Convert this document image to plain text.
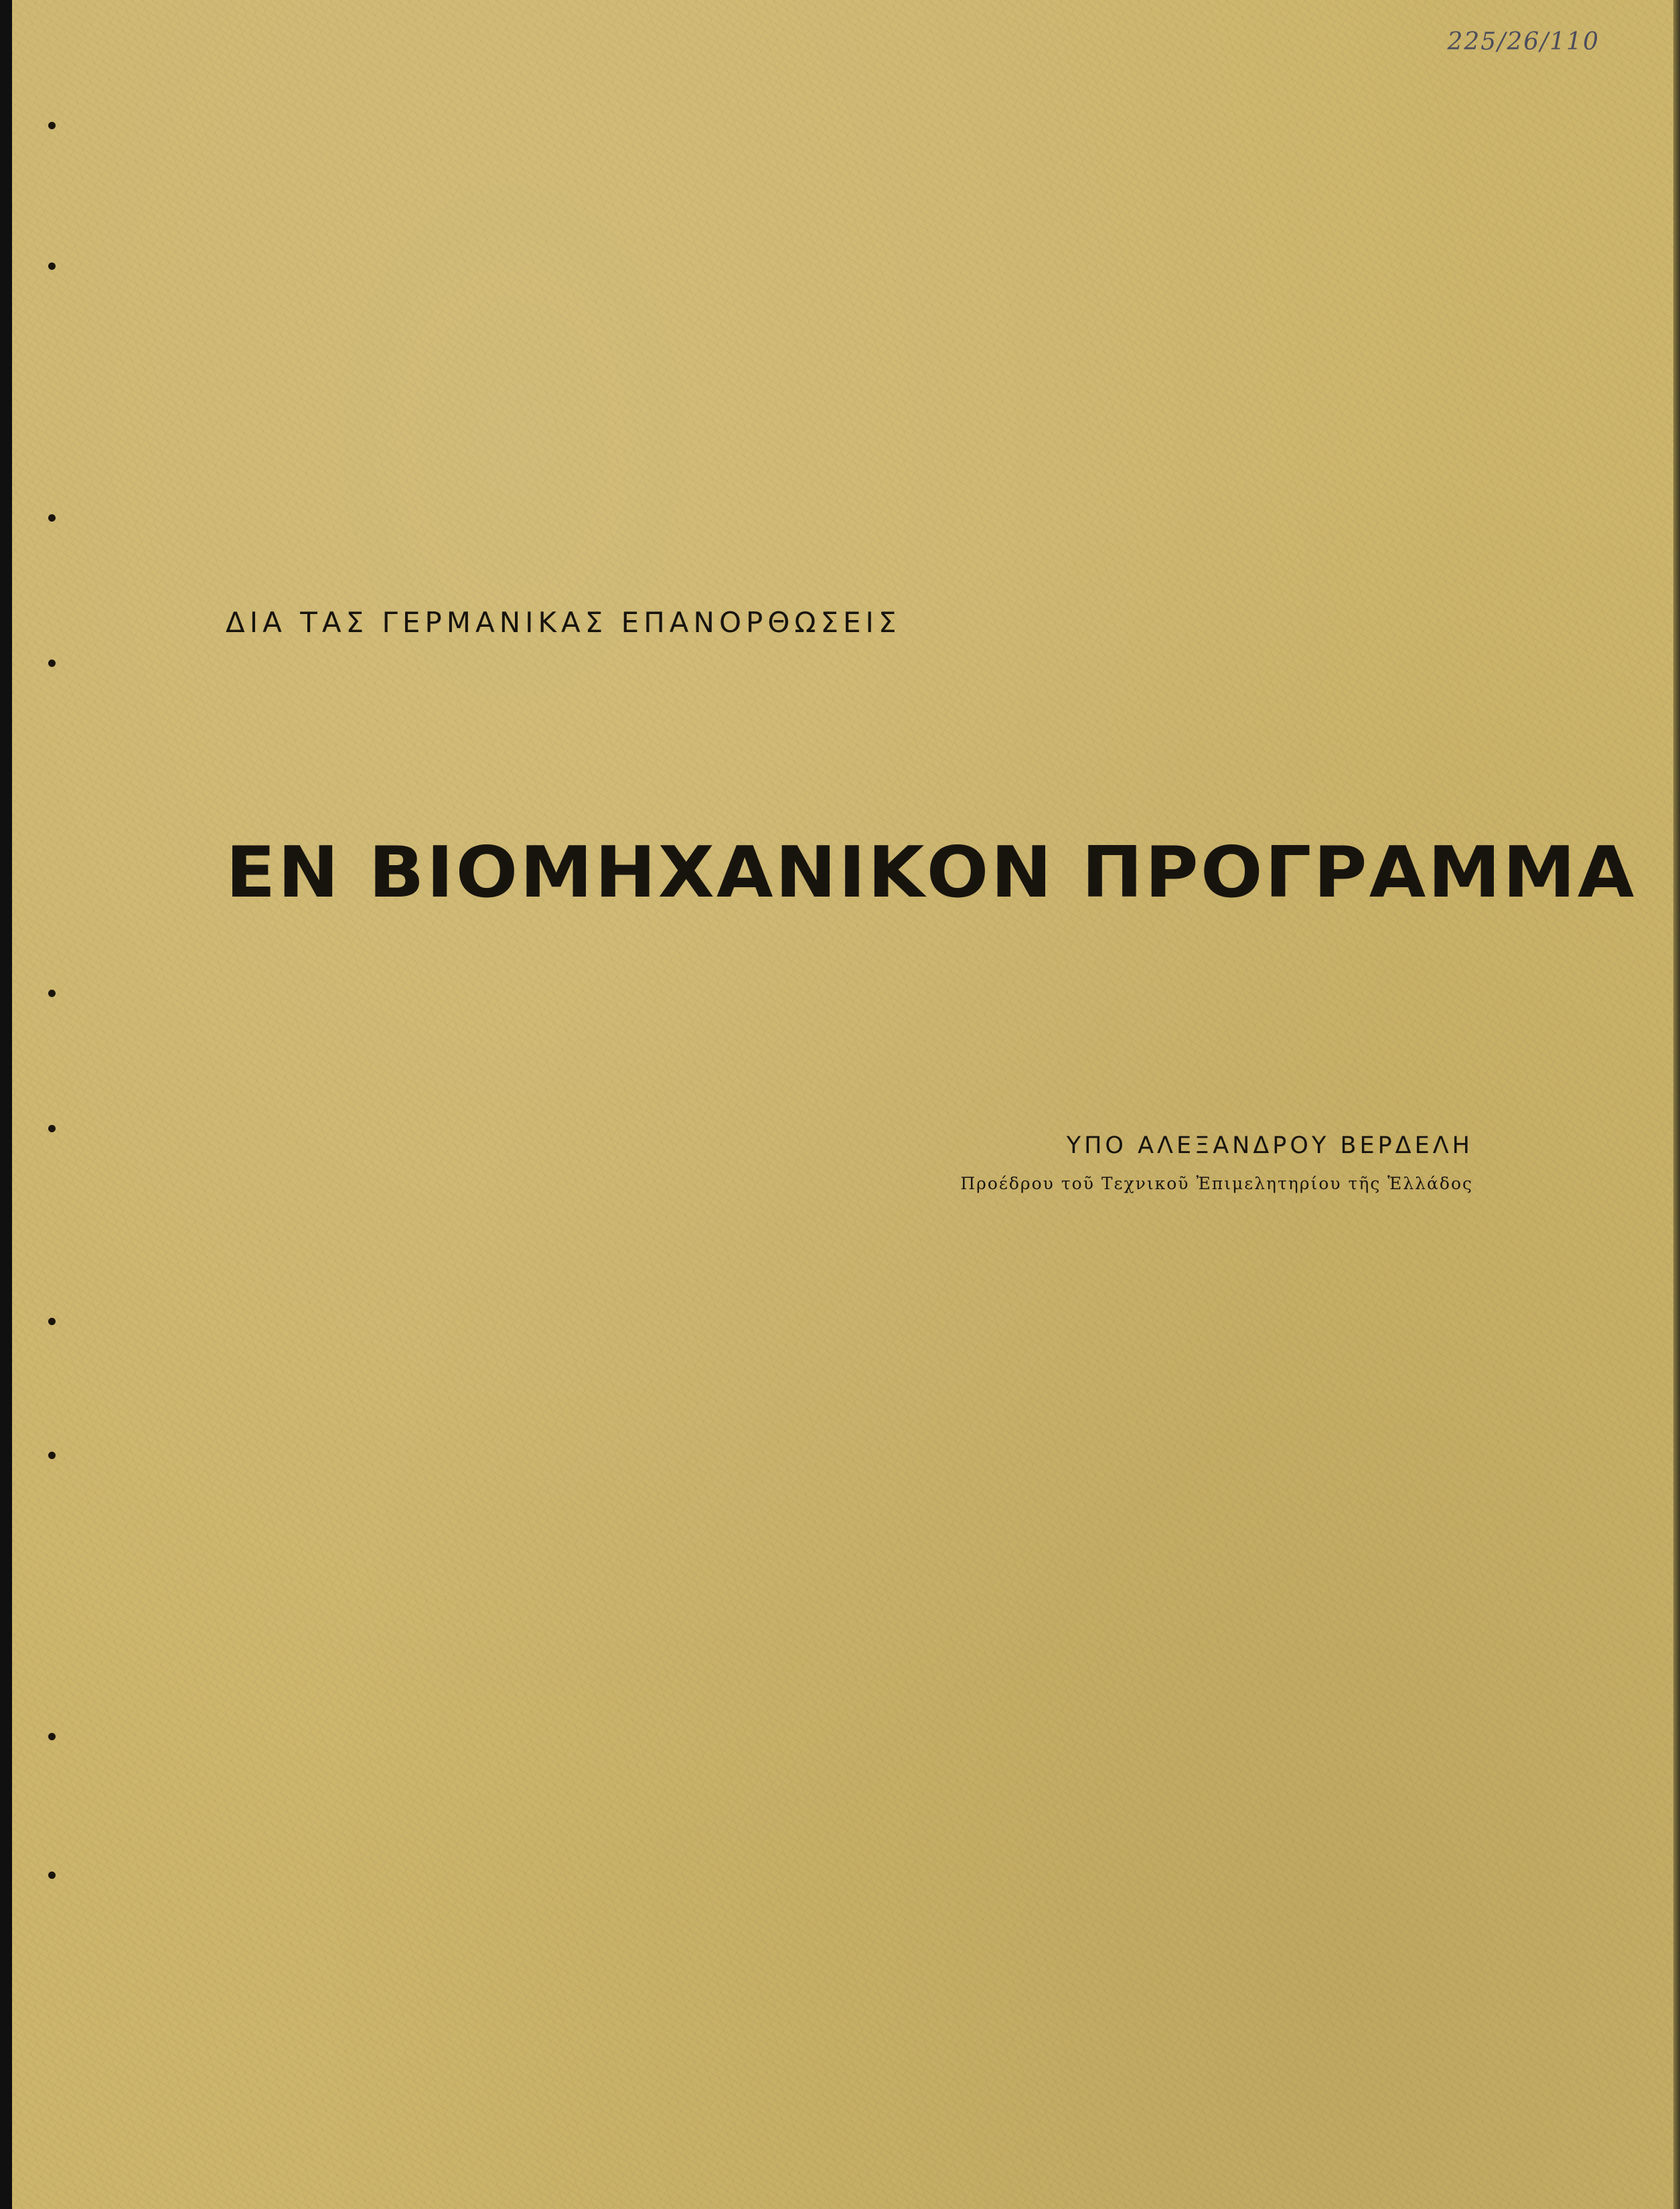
225/26/110

ΔΙΑ ΤΑΣ ΓΕΡΜΑΝΙΚΑΣ ΕΠΑΝΟΡΘΩΣΕΙΣ

ΕΝ ΒΙΟΜΗΧΑΝΙΚΟΝ ΠΡΟΓΡΑΜΜΑ

ΥΠΟ ΑΛΕΞΑΝΔΡΟΥ ΒΕΡΔΕΛΗ

Προέδρου τοῦ Τεχνικοῦ Ἐπιμελητηρίου τῆς Ἑλλάδος
